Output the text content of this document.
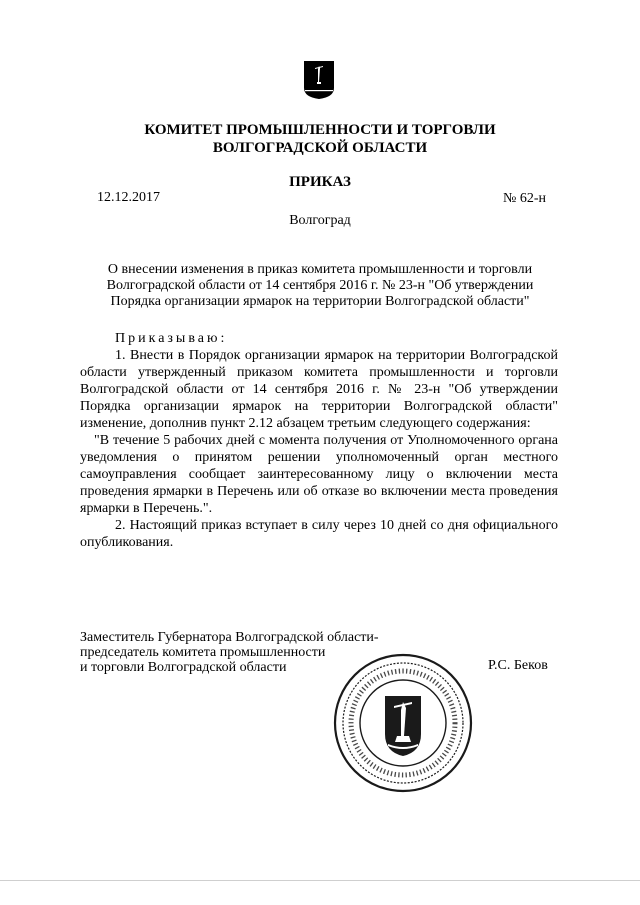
КОМИТЕТ ПРОМЫШЛЕННОСТИ И ТОРГОВЛИ
ВОЛГОГРАДСКОЙ ОБЛАСТИ
ПРИКАЗ
12.12.2017	№ 62-н
Волгоград
О внесении изменения в приказ комитета промышленности и торговли
Волгоградской области от 14 сентября 2016 г. № 23-н "Об утверждении
Порядка организации ярмарок на территории Волгоградской области"

Приказываю:

1. Внести в Порядок организации ярмарок на территории Волгоградской области утвержденный приказом комитета промышленности и торговли Волгоградской области от 14 сентября 2016 г. № 23-н "Об утверждении Порядка организации ярмарок на территории Волгоградской области" изменение, дополнив пункт 2.12 абзацем третьим следующего содержания:

"В течение 5 рабочих дней с момента получения от Уполномоченного органа уведомления о принятом решении уполномоченный орган местного самоуправления сообщает заинтересованному лицу о включении места проведения ярмарки в Перечень или об отказе во включении места проведения ярмарки в Перечень.".

2. Настоящий приказ вступает в силу через 10 дней со дня официального опубликования.

Заместитель Губернатора Волгоградской области-
председатель комитета промышленности
и торговли Волгоградской области	Р.С. Беков
